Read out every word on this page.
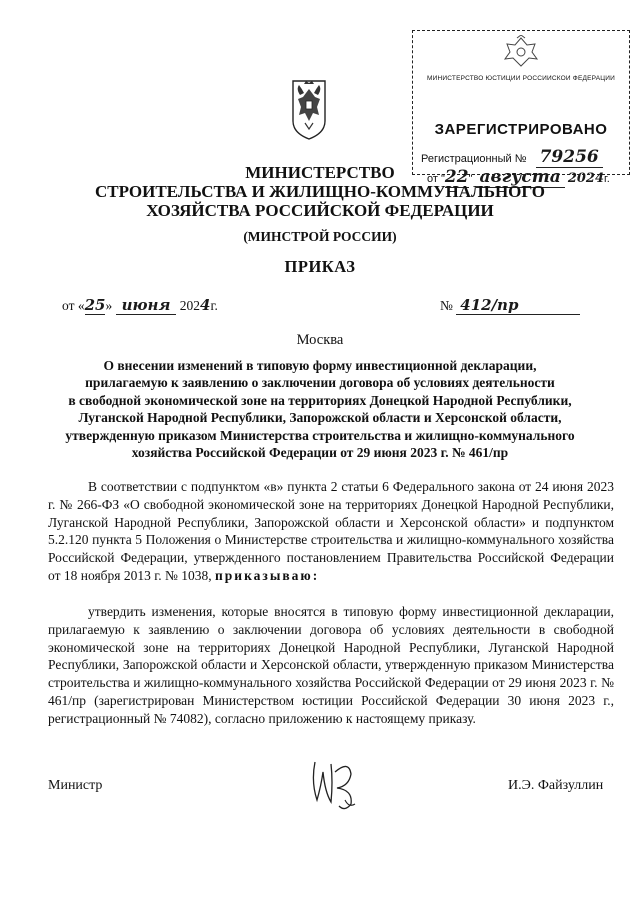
МИНИСТЕРСТВО ЮСТИЦИИ РОССИЙСКОЙ ФЕДЕРАЦИИ
ЗАРЕГИСТРИРОВАНО
Регистрационный № 79256
от "22" августа 2024г.
МИНИСТЕРСТВО
СТРОИТЕЛЬСТВА И ЖИЛИЩНО-КОММУНАЛЬНОГО
ХОЗЯЙСТВА РОССИЙСКОЙ ФЕДЕРАЦИИ
(МИНСТРОЙ РОССИИ)
ПРИКАЗ
от «25» июня 2024г.	№ 412/пр
Москва
О внесении изменений в типовую форму инвестиционной декларации,
прилагаемую к заявлению о заключении договора об условиях деятельности
в свободной экономической зоне на территориях Донецкой Народной Республики,
Луганской Народной Республики, Запорожской области и Херсонской области,
утвержденную приказом Министерства строительства и жилищно-коммунального
хозяйства Российской Федерации от 29 июня 2023 г. № 461/пр

В соответствии с подпунктом «в» пункта 2 статьи 6 Федерального закона от 24 июня 2023 г. № 266-ФЗ «О свободной экономической зоне на территориях Донецкой Народной Республики, Луганской Народной Республики, Запорожской области и Херсонской области» и подпунктом 5.2.120 пункта 5 Положения о Министерстве строительства и жилищно-коммунального хозяйства Российской Федерации, утвержденного постановлением Правительства Российской Федерации от 18 ноября 2013 г. № 1038, приказываю:

утвердить изменения, которые вносятся в типовую форму инвестиционной декларации, прилагаемую к заявлению о заключении договора об условиях деятельности в свободной экономической зоне на территориях Донецкой Народной Республики, Луганской Народной Республики, Запорожской области и Херсонской области, утвержденную приказом Министерства строительства и жилищно-коммунального хозяйства Российской Федерации от 29 июня 2023 г. № 461/пр (зарегистрирован Министерством юстиции Российской Федерации 30 июня 2023 г., регистрационный № 74082), согласно приложению к настоящему приказу.

Министр	И.Э. Файзуллин
